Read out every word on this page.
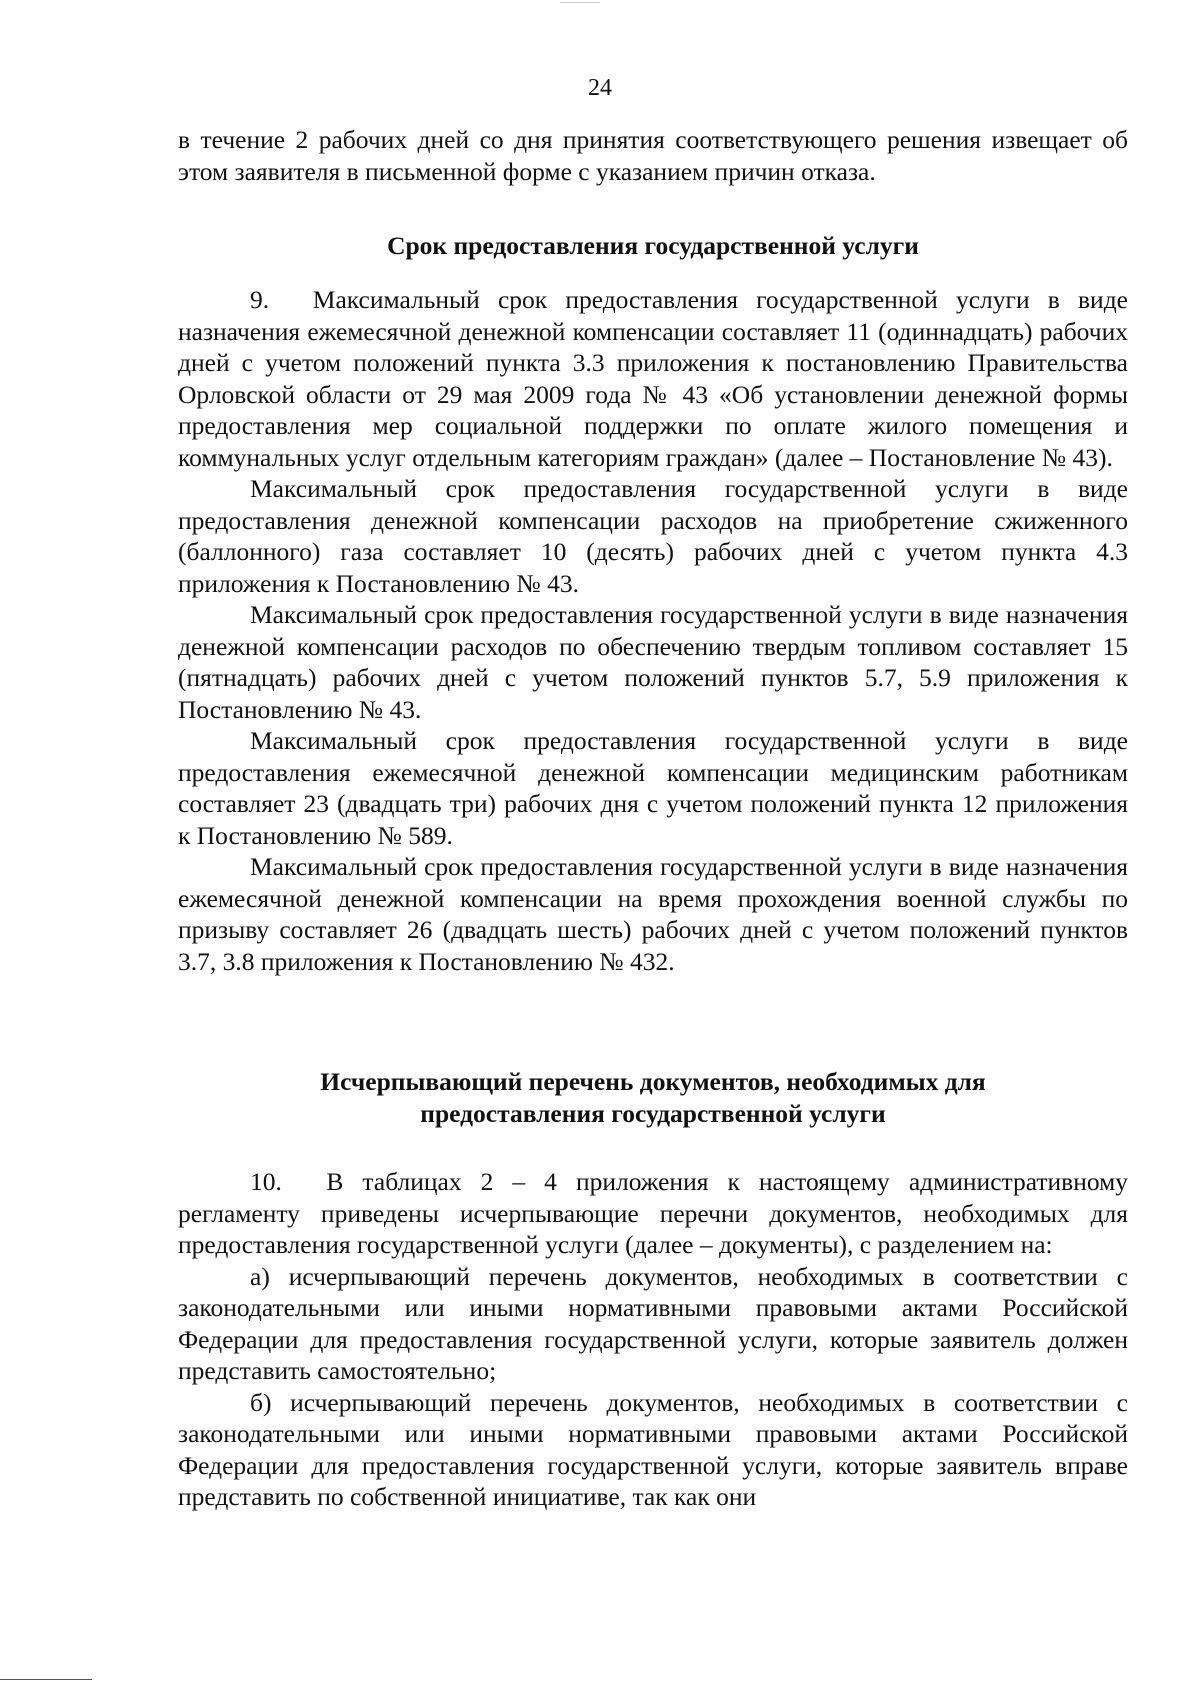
24

в течение 2 рабочих дней со дня принятия соответствующего решения извещает об этом заявителя в письменной форме с указанием причин отказа.

Срок предоставления государственной услуги

9.  Максимальный срок предоставления государственной услуги в виде назначения ежемесячной денежной компенсации составляет 11 (одиннадцать) рабочих дней с учетом положений пункта 3.3 приложения к постановлению Правительства Орловской области от 29 мая 2009 года № 43 «Об установлении денежной формы предоставления мер социальной поддержки по оплате жилого помещения и коммунальных услуг отдельным категориям граждан» (далее – Постановление № 43).

Максимальный срок предоставления государственной услуги в виде предоставления денежной компенсации расходов на приобретение сжиженного (баллонного) газа составляет 10 (десять) рабочих дней с учетом пункта 4.3 приложения к Постановлению № 43.

Максимальный срок предоставления государственной услуги в виде назначения денежной компенсации расходов по обеспечению твердым топливом составляет 15 (пятнадцать) рабочих дней с учетом положений пунктов 5.7, 5.9 приложения к Постановлению № 43.

Максимальный срок предоставления государственной услуги в виде предоставления ежемесячной денежной компенсации медицинским работникам составляет 23 (двадцать три) рабочих дня с учетом положений пункта 12 приложения к Постановлению № 589.

Максимальный срок предоставления государственной услуги в виде назначения ежемесячной денежной компенсации на время прохождения военной службы по призыву составляет 26 (двадцать шесть) рабочих дней с учетом положений пунктов 3.7, 3.8 приложения к Постановлению № 432.

Исчерпывающий перечень документов, необходимых для
предоставления государственной услуги

10.  В таблицах 2 – 4 приложения к настоящему административному регламенту приведены исчерпывающие перечни документов, необходимых для предоставления государственной услуги (далее – документы), с разделением на:

а) исчерпывающий перечень документов, необходимых в соответствии с законодательными или иными нормативными правовыми актами Российской Федерации для предоставления государственной услуги, которые заявитель должен представить самостоятельно;

б) исчерпывающий перечень документов, необходимых в соответствии с законодательными или иными нормативными правовыми актами Российской Федерации для предоставления государственной услуги, которые заявитель вправе представить по собственной инициативе, так как они
